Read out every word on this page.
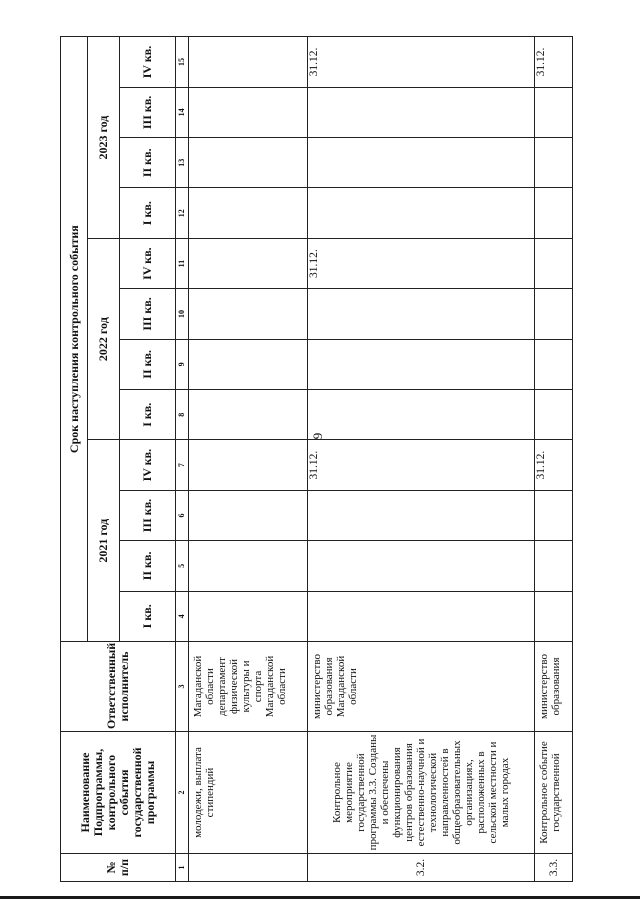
9
№ п/п	Наименование Подпрограммы, контрольного события государственной программы	Ответственный исполнитель	Срок наступления контрольного события											
			2021 год				2022 год				2023 год			
			I кв.	II кв.	III кв.	IV кв.	I кв.	II кв.	III кв.	IV кв.	I кв.	II кв.	III кв.	IV кв.
1	2	3	4	5	6	7	8	9	10	11	12	13	14	15
	молодежи, выплата стипендий	Магаданской области департамент физической культуры и спорта Магаданской области												
3.2.	Контрольное мероприятие государственной программы 3.3. Созданы и обеспечены функционирования центров образования естественно-научной и технологической направленностей в общеобразовательных организациях, расположенных в сельской местности и малых городах	министерство образования Магаданской области				31.12.				31.12.				31.12.
3.3.	Контрольное событие государственной	министерство образования				31.12.								31.12.
